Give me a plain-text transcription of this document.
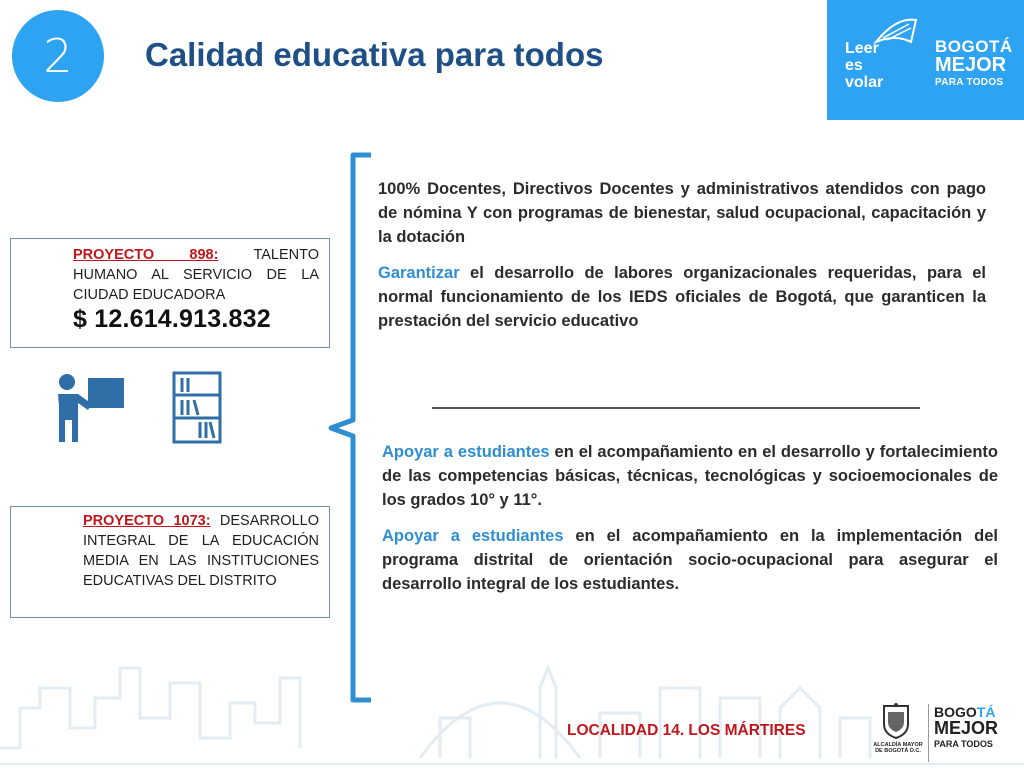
2 Calidad educativa para todos	Leer
es
volar
BOGOTÁ
MEJOR
PARA TODOS
PROYECTO 898: TALENTO HUMANO AL SERVICIO DE LA CIUDAD EDUCADORA
$ 12.614.913.832
PROYECTO 1073: DESARROLLO INTEGRAL DE LA EDUCACIÓN MEDIA EN LAS INSTITUCIONES EDUCATIVAS DEL DISTRITO

100% Docentes, Directivos Docentes y administrativos atendidos con pago de nómina Y con programas de bienestar, salud ocupacional, capacitación y la dotación

Garantizar el desarrollo de labores organizacionales requeridas, para el normal funcionamiento de los IEDS oficiales de Bogotá, que garanticen la prestación del servicio educativo

Apoyar a estudiantes en el acompañamiento en el desarrollo y fortalecimiento de las competencias básicas, técnicas, tecnológicas y socioemocionales de los grados 10° y 11°.

Apoyar a estudiantes en el acompañamiento en la implementación del programa distrital de orientación socio-ocupacional para asegurar el desarrollo integral de los estudiantes.

LOCALIDAD 14. LOS MÁRTIRES
ALCALDÍA MAYOR DE BOGOTÁ D.C.
BOGOTÁ
MEJOR
PARA TODOS
